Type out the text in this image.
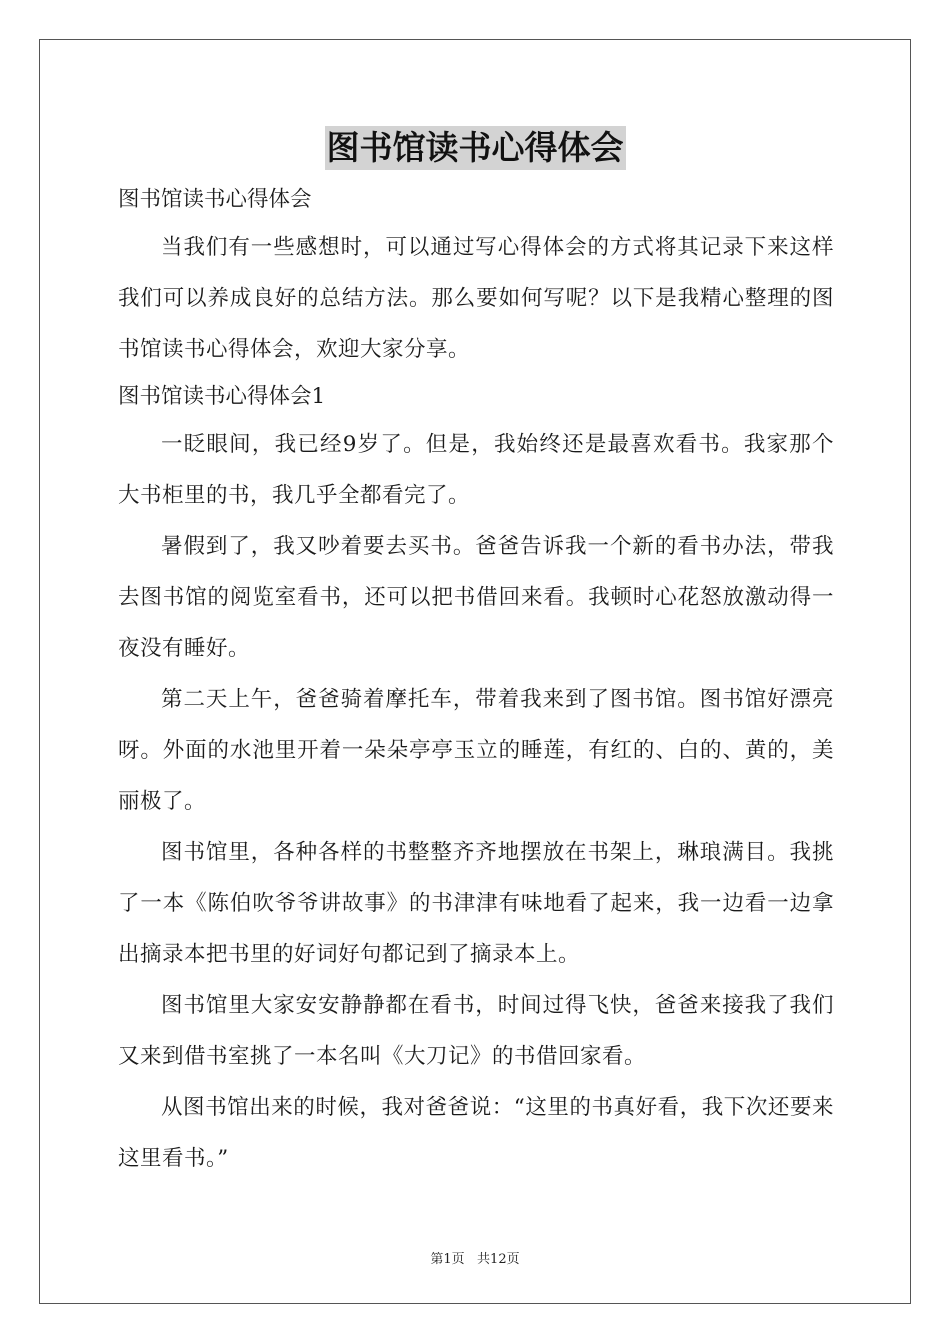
图书馆读书心得体会

图书馆读书心得体会

当我们有一些感想时，可以通过写心得体会的方式将其记录下来这样我们可以养成良好的总结方法。那么要如何写呢？以下是我精心整理的图书馆读书心得体会，欢迎大家分享。

图书馆读书心得体会1

一眨眼间，我已经9岁了。但是，我始终还是最喜欢看书。我家那个大书柜里的书，我几乎全都看完了。

暑假到了，我又吵着要去买书。爸爸告诉我一个新的看书办法，带我去图书馆的阅览室看书，还可以把书借回来看。我顿时心花怒放激动得一夜没有睡好。

第二天上午，爸爸骑着摩托车，带着我来到了图书馆。图书馆好漂亮呀。外面的水池里开着一朵朵亭亭玉立的睡莲，有红的、白的、黄的，美丽极了。

图书馆里，各种各样的书整整齐齐地摆放在书架上，琳琅满目。我挑了一本《陈伯吹爷爷讲故事》的书津津有味地看了起来，我一边看一边拿出摘录本把书里的好词好句都记到了摘录本上。

图书馆里大家安安静静都在看书，时间过得飞快，爸爸来接我了我们又来到借书室挑了一本名叫《大刀记》的书借回家看。

从图书馆出来的时候，我对爸爸说：“这里的书真好看，我下次还要来这里看书。”

第1页   共12页
